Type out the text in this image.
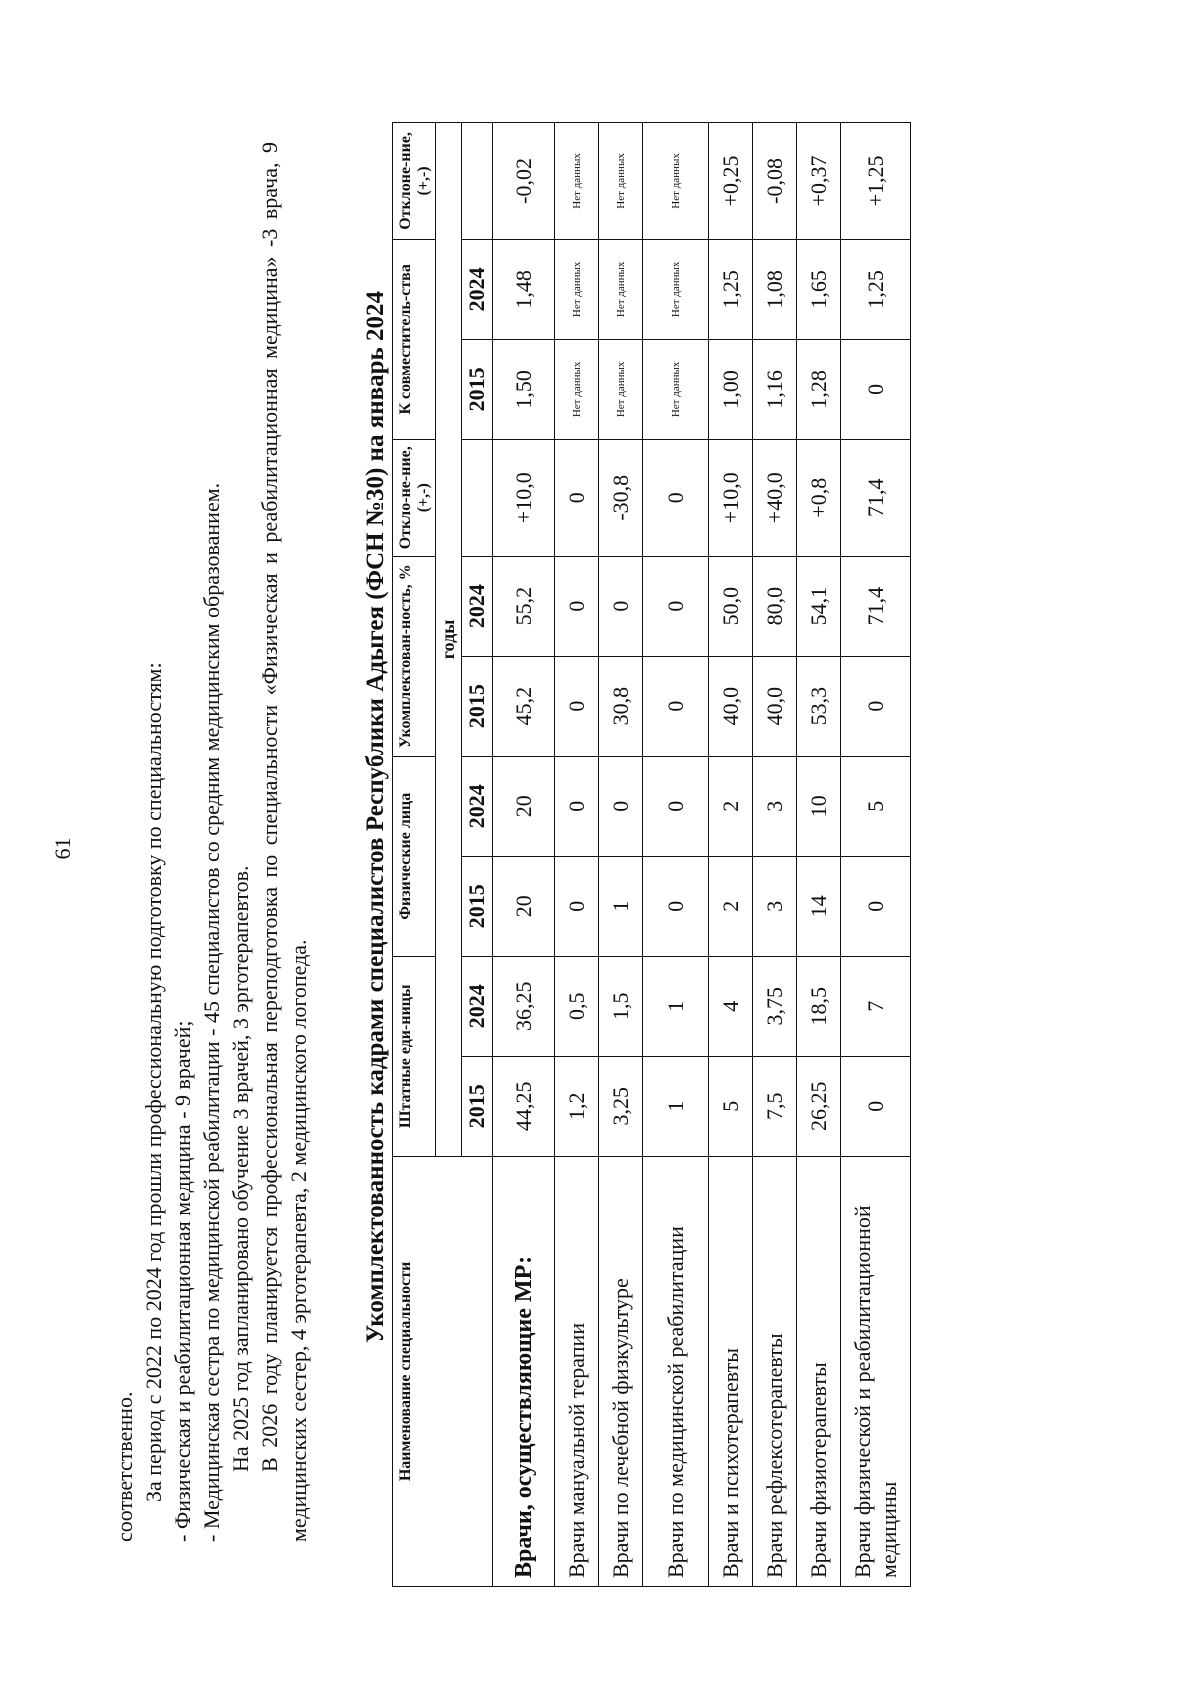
61

соответственно. За период с 2022 по 2024 год прошли профессиональную подготовку по специальностям: - Физическая и реабилитационная медицина - 9 врачей; - Медицинская сестра по медицинской реабилитации - 45 специалистов со средним медицинским образованием. На 2025 год запланировано обучение 3 врачей, 3 эрготерапевтов. В 2026 году планируется профессиональная переподготовка по специальности «Физическая и реабилитационная медицина» -3 врача, 9 медицинских сестер, 4 эрготерапевта, 2 медицинского логопеда. Укомплектованность кадрами специалистов Республики Адыгея (ФСН №30) на январь 2024
Наименование специальности	Штатные еди-ницы		Физические лица		Укомплектован-ность, %		Откло-не-ние,(+,-)	К совместитель-ства		Отклоне-ние, (+,-)
	годы									
	2015	2024	2015	2024	2015	2024		2015	2024	
Врачи, осуществляющие МР:	44,25	36,25	20	20	45,2	55,2	+10,0	1,50	1,48	-0,02
Врачи мануальной терапии	1,2	0,5	0	0	0	0	0	Нет данных	Нет данных	Нет данных
Врачи по лечебной физкультуре	3,25	1,5	1	0	30,8	0	-30,8	Нет данных	Нет данных	Нет данных
Врачи по медицинской реабилитации	1	1	0	0	0	0	0	Нет данных	Нет данных	Нет данных
Врачи и психотерапевты	5	4	2	2	40,0	50,0	+10,0	1,00	1,25	+0,25
Врачи рефлексотерапевты	7,5	3,75	3	3	40,0	80,0	+40,0	1,16	1,08	-0,08
Врачи физиотерапевты	26,25	18,5	14	10	53,3	54,1	+0,8	1,28	1,65	+0,37
Врачи физической и реабилитационной медицины	0	7	0	5	0	71,4	71,4	0	1,25	+1,25
